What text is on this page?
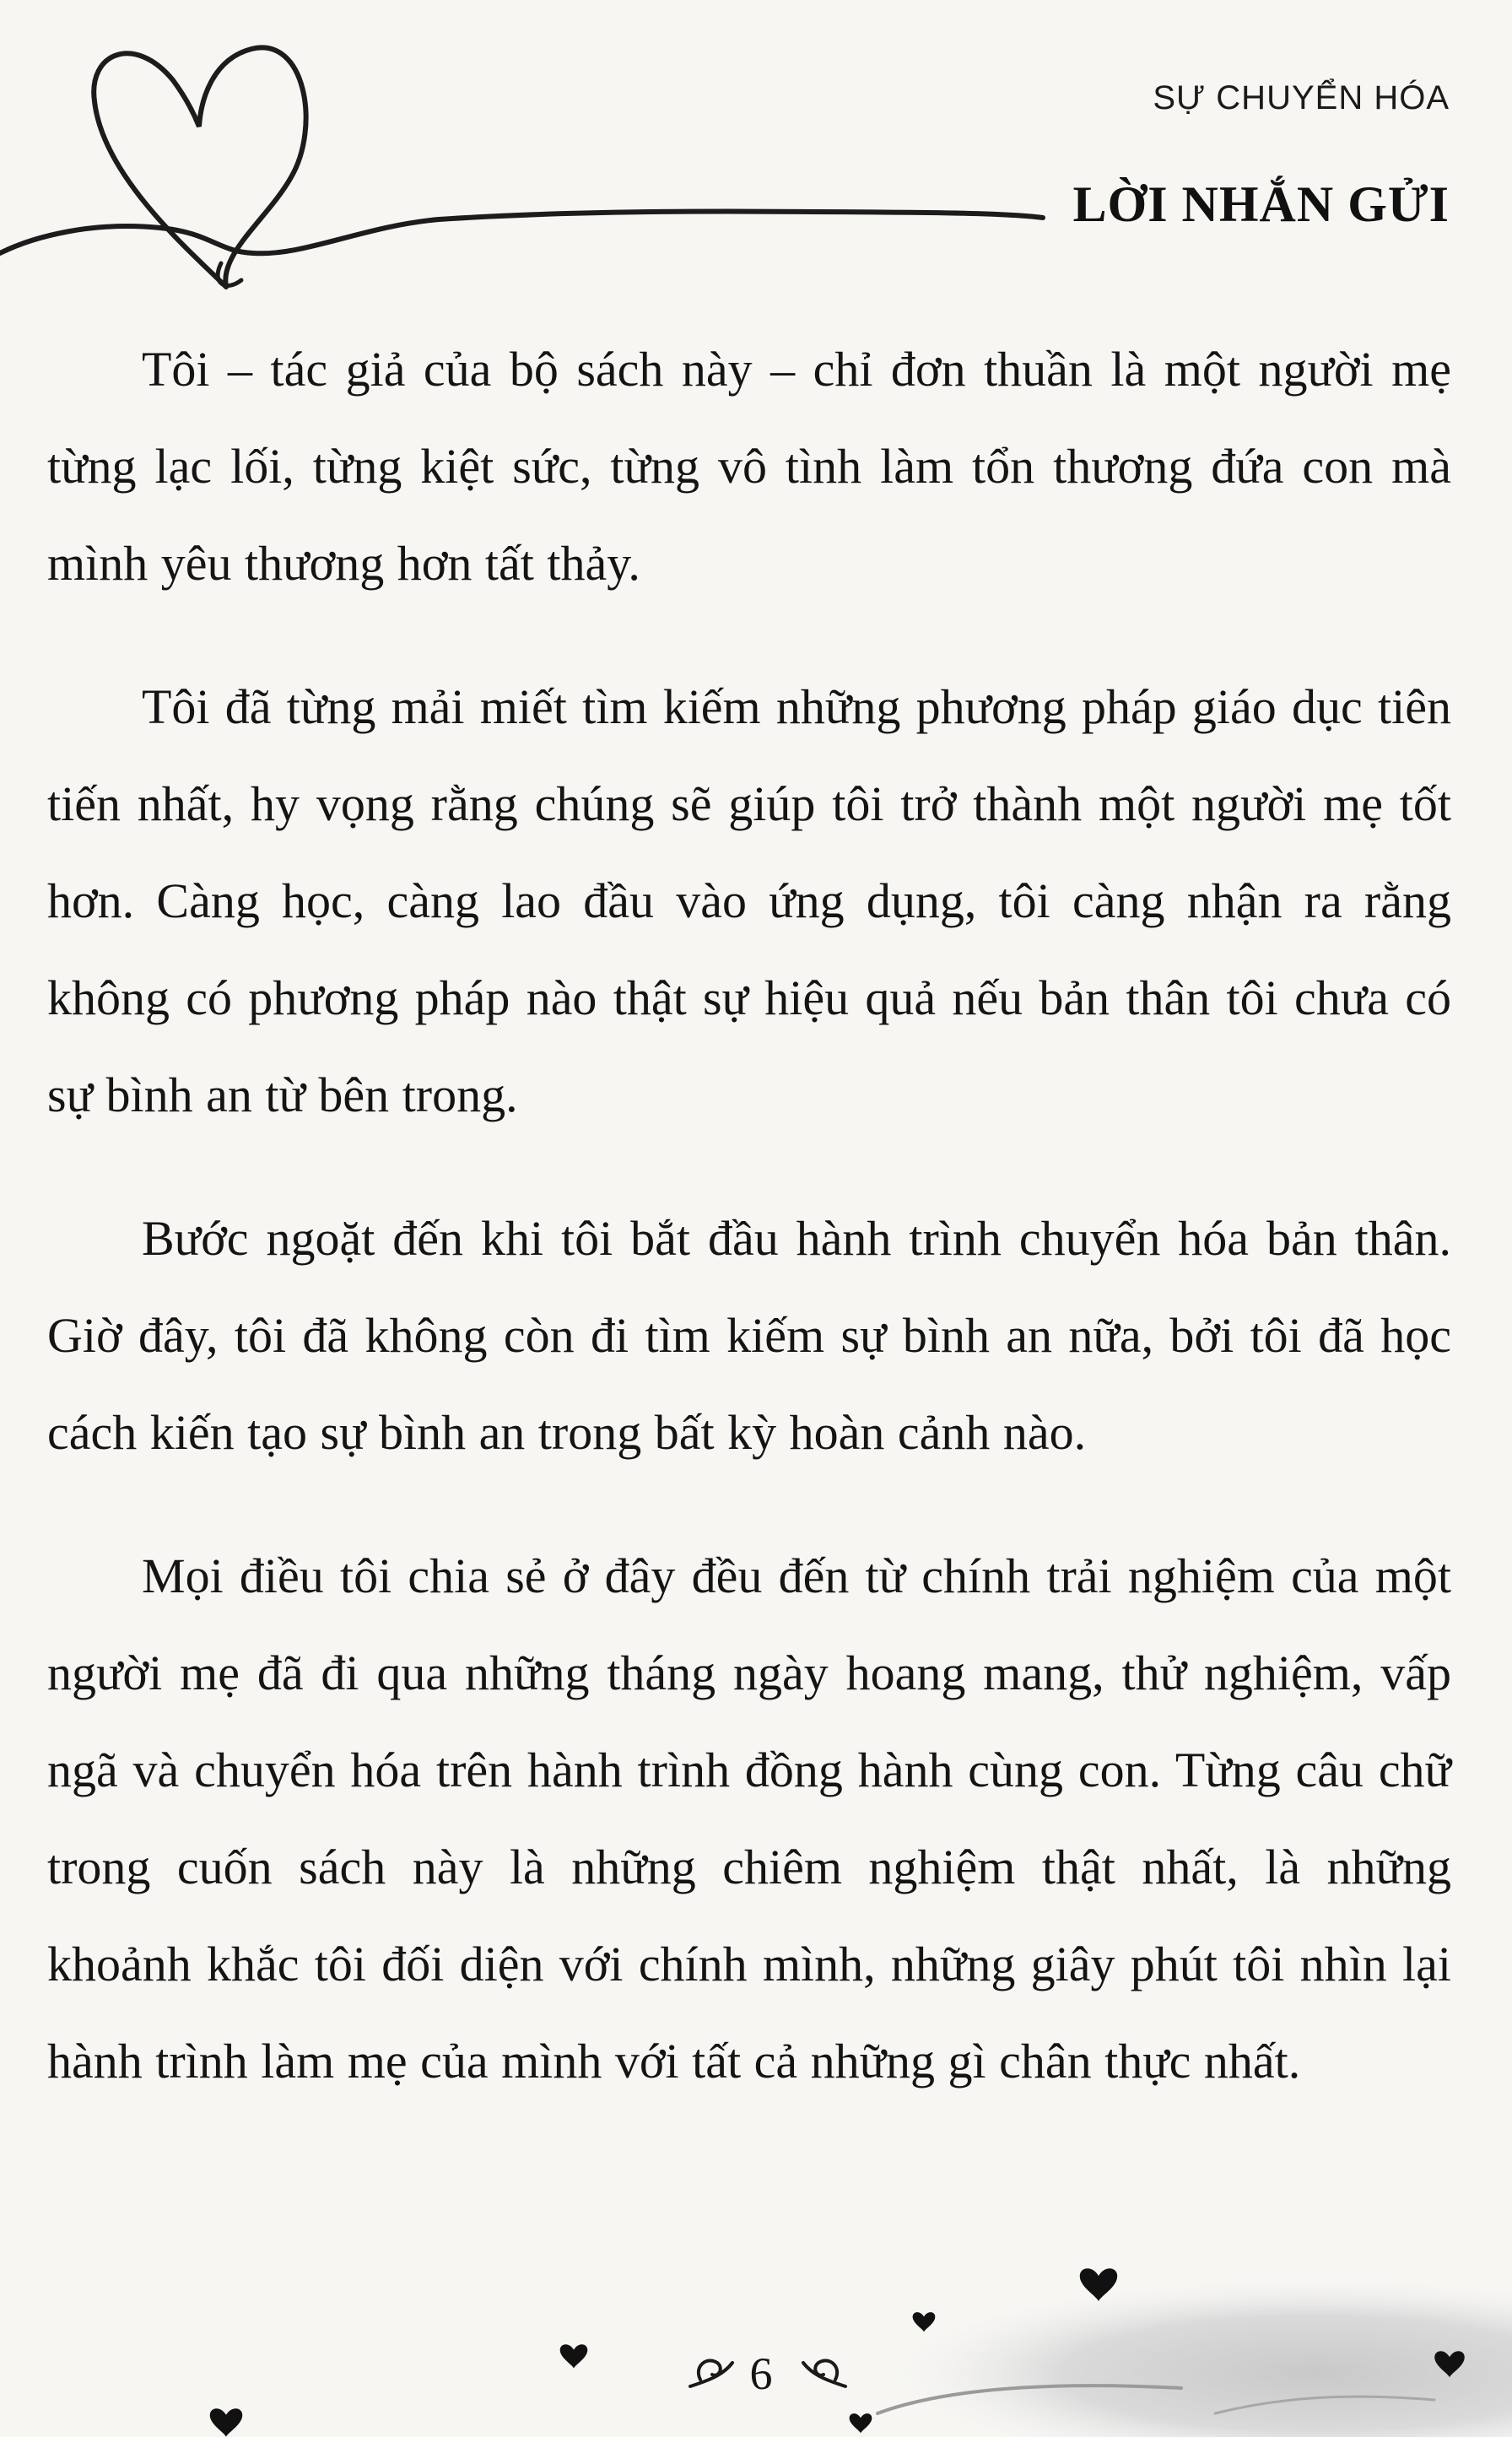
SỰ CHUYỂN HÓA
LỜI NHẮN GỬI

Tôi – tác giả của bộ sách này – chỉ đơn thuần là một người mẹ từng lạc lối, từng kiệt sức, từng vô tình làm tổn thương đứa con mà mình yêu thương hơn tất thảy.

Tôi đã từng mải miết tìm kiếm những phương pháp giáo dục tiên tiến nhất, hy vọng rằng chúng sẽ giúp tôi trở thành một người mẹ tốt hơn. Càng học, càng lao đầu vào ứng dụng, tôi càng nhận ra rằng không có phương pháp nào thật sự hiệu quả nếu bản thân tôi chưa có sự bình an từ bên trong.

Bước ngoặt đến khi tôi bắt đầu hành trình chuyển hóa bản thân. Giờ đây, tôi đã không còn đi tìm kiếm sự bình an nữa, bởi tôi đã học cách kiến tạo sự bình an trong bất kỳ hoàn cảnh nào.

Mọi điều tôi chia sẻ ở đây đều đến từ chính trải nghiệm của một người mẹ đã đi qua những tháng ngày hoang mang, thử nghiệm, vấp ngã và chuyển hóa trên hành trình đồng hành cùng con. Từng câu chữ trong cuốn sách này là những chiêm nghiệm thật nhất, là những khoảnh khắc tôi đối diện với chính mình, những giây phút tôi nhìn lại hành trình làm mẹ của mình với tất cả những gì chân thực nhất.

6
